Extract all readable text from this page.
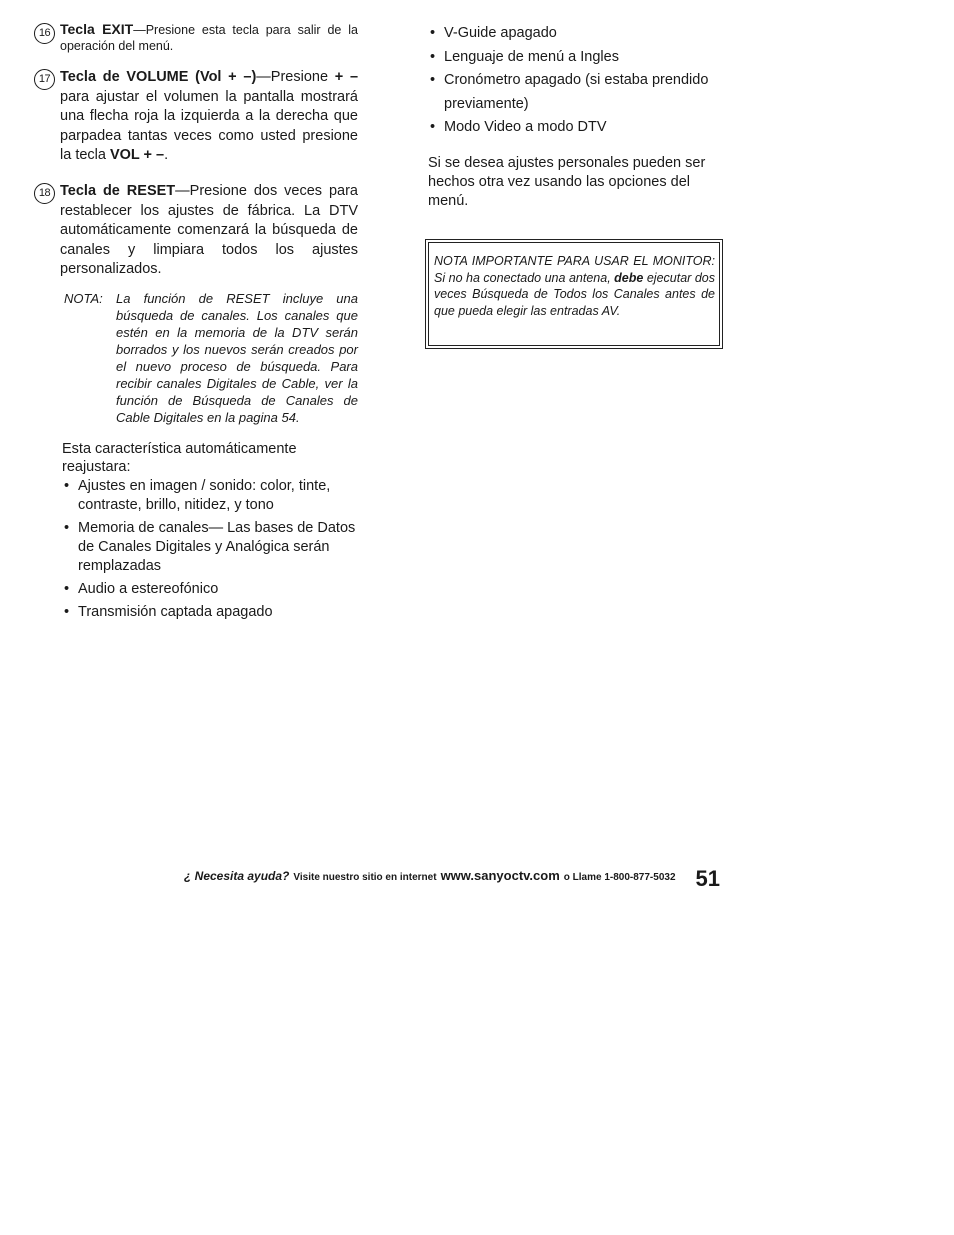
16 Tecla EXIT—Presione esta tecla para salir de la operación del menú.

17 Tecla de VOLUME (Vol + –)—Presione + – para ajustar el volumen la pantalla mostrará una flecha roja la izquierda a la derecha que parpadea tantas veces como usted presione la tecla VOL + –.

18 Tecla de RESET—Presione dos veces para restablecer los ajustes de fábrica. La DTV automáticamente comenzará la búsqueda de canales y limpiara todos los ajustes personalizados.

NOTA:	La función de RESET incluye una búsqueda de canales. Los canales que estén en la memoria de la DTV serán borrados y los nuevos serán creados por el nuevo proceso de búsqueda. Para recibir canales Digitales de Cable, ver la función de Búsqueda de Canales de Cable Digitales en la pagina 54.

Esta característica automáticamente reajustara:

• Ajustes en imagen / sonido: color, tinte, contraste, brillo, nitidez, y tono
• Memoria de canales— Las bases de Datos de Canales Digitales y Analógica serán remplazadas
• Audio a estereofónico
• Transmisión captada apagado
• V-Guide apagado
• Lenguaje de menú a Ingles
• Cronómetro apagado (si estaba prendido previamente)
• Modo Video a modo DTV

Si se desea ajustes personales pueden ser hechos otra vez usando las opciones del menú.

NOTA IMPORTANTE PARA USAR EL MONITOR: Si no ha conectado una antena, debe ejecutar dos veces Búsqueda de Todos los Canales antes de que pueda elegir las entradas AV.
¿ Necesita ayuda? Visite nuestro sitio en internet www.sanyoctv.com o Llame 1-800-877-5032 51
